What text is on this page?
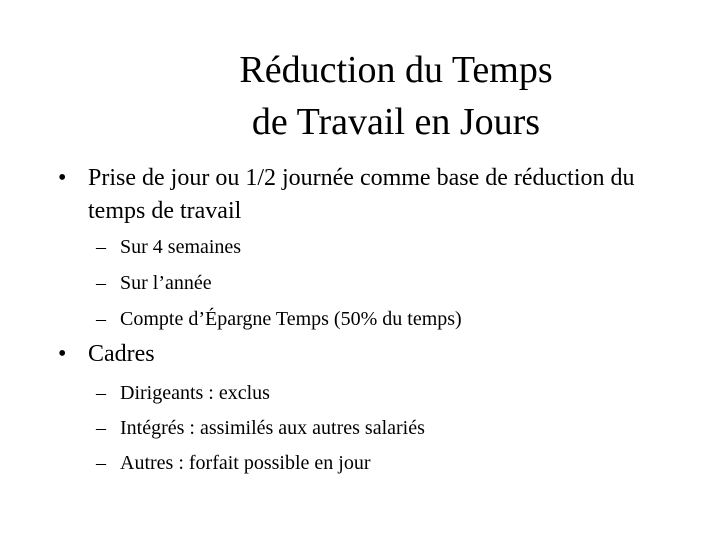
Réduction du Temps
de Travail en Jours
• Prise de jour ou 1/2 journée comme base de réduction du temps de travail
– Sur 4 semaines
– Sur l’année
– Compte d’Épargne Temps (50% du temps)
• Cadres
– Dirigeants : exclus
– Intégrés : assimilés aux autres salariés
– Autres : forfait possible en jour
